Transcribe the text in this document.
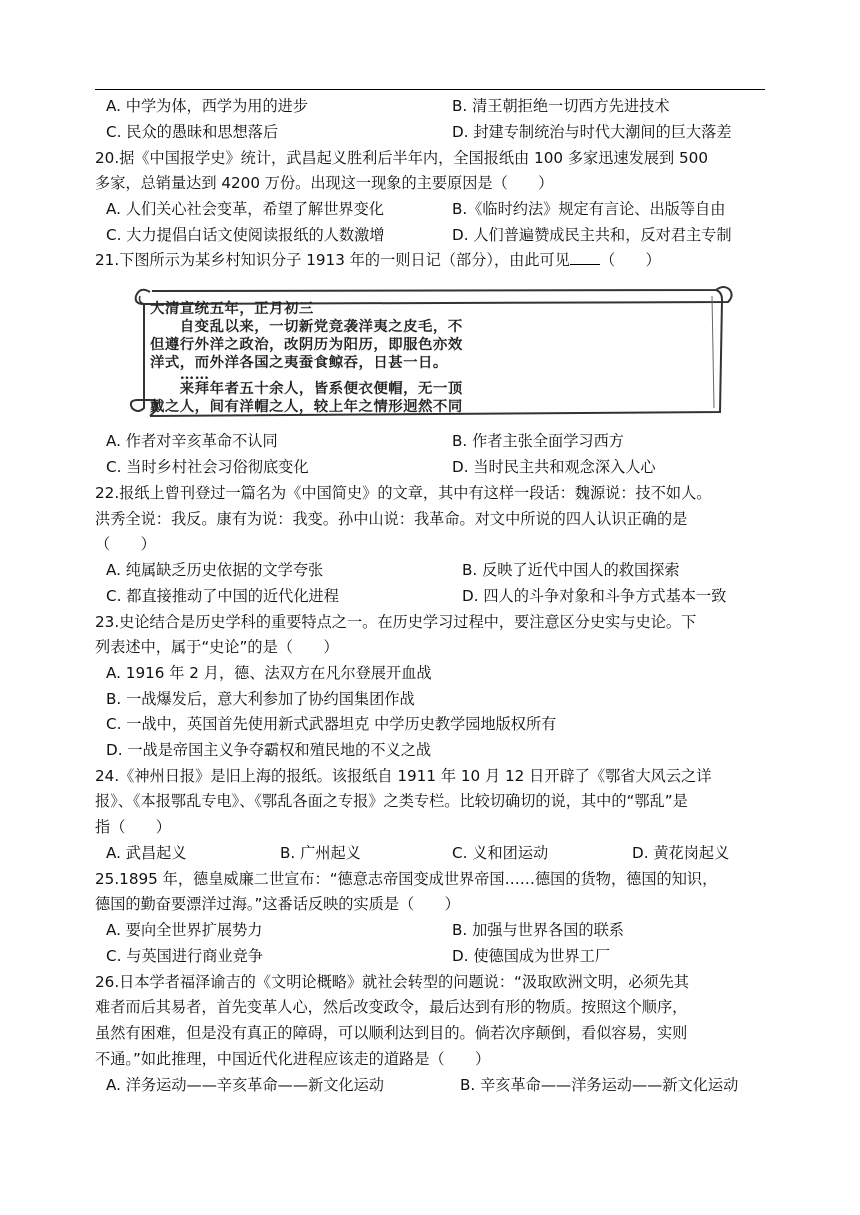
A. 中学为体，西学为用的进步	B. 清王朝拒绝一切西方先进技术
C. 民众的愚昧和思想落后	D. 封建专制统治与时代大潮间的巨大落差
20.据《中国报学史》统计，武昌起义胜利后半年内，全国报纸由 100 多家迅速发展到 500
多家，总销量达到 4200 万份。出现这一现象的主要原因是（　　）
A. 人们关心社会变革，希望了解世界变化	B.《临时约法》规定有言论、出版等自由
C. 大力提倡白话文使阅读报纸的人数激增	D. 人们普遍赞成民主共和，反对君主专制
21.下图所示为某乡村知识分子 1913 年的一则日记（部分），由此可见 （　　）
大清宣统五年，正月初三
　　自变乱以来，一切新党竞袭洋夷之皮毛，不
但遵行外洋之政治，改阴历为阳历，即服色亦效
洋式，而外洋各国之夷蚕食鲸吞，日甚一日。
　　……
　　来拜年者五十余人，皆系便衣便帽，无一顶
戴之人，间有洋帽之人，较上年之情形迥然不同
A. 作者对辛亥革命不认同	B. 作者主张全面学习西方
C. 当时乡村社会习俗彻底变化	D. 当时民主共和观念深入人心
22.报纸上曾刊登过一篇名为《中国简史》的文章，其中有这样一段话：魏源说：技不如人。
洪秀全说：我反。康有为说：我变。孙中山说：我革命。对文中所说的四人认识正确的是
（　　）
A. 纯属缺乏历史依据的文学夸张	B. 反映了近代中国人的救国探索
C. 都直接推动了中国的近代化进程	D. 四人的斗争对象和斗争方式基本一致
23.史论结合是历史学科的重要特点之一。在历史学习过程中，要注意区分史实与史论。下
列表述中，属于“史论”的是（　　）
A. 1916 年 2 月，德、法双方在凡尔登展开血战
B. 一战爆发后，意大利参加了协约国集团作战
C. 一战中，英国首先使用新式武器坦克 中学历史教学园地版权所有
D. 一战是帝国主义争夺霸权和殖民地的不义之战
24.《神州日报》是旧上海的报纸。该报纸自 1911 年 10 月 12 日开辟了《鄂省大风云之详
报》、《本报鄂乱专电》、《鄂乱各面之专报》之类专栏。比较切确切的说，其中的“鄂乱”是
指（　　）
A. 武昌起义	B. 广州起义	C. 义和团运动	D. 黄花岗起义
25.1895 年，德皇威廉二世宣布：“德意志帝国变成世界帝国……德国的货物，德国的知识，
德国的勤奋要漂洋过海。”这番话反映的实质是（　　）
A. 要向全世界扩展势力	B. 加强与世界各国的联系
C. 与英国进行商业竞争	D. 使德国成为世界工厂
26.日本学者福泽谕吉的《文明论概略》就社会转型的问题说：“汲取欧洲文明，必须先其
难者而后其易者，首先变革人心，然后改变政令，最后达到有形的物质。按照这个顺序，
虽然有困难，但是没有真正的障碍，可以顺利达到目的。倘若次序颠倒，看似容易，实则
不通。”如此推理，中国近代化进程应该走的道路是（　　）
A. 洋务运动——辛亥革命——新文化运动	B. 辛亥革命——洋务运动——新文化运动
